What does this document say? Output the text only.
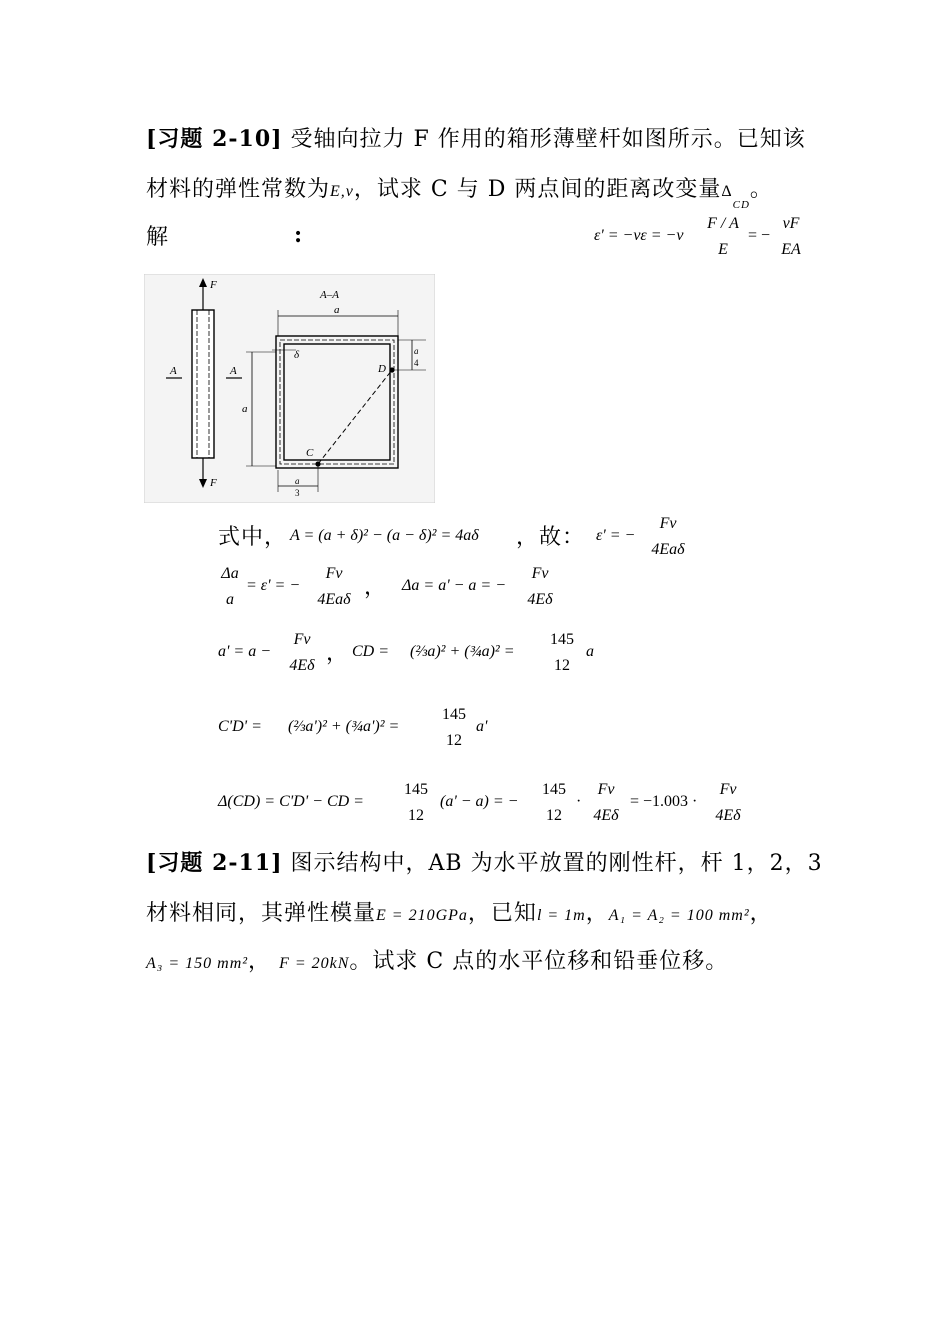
[习题 2-10] 受轴向拉力 F 作用的箱形薄壁杆如图所示。已知该
材料的弹性常数为E,ν，试求 C 与 D 两点间的距离改变量$\Delta_{CD}$。
解	:	ε' = −νε = −ν
F / A
E
= −
νF
EA
F
F
A	A
A–A
a
δ
a
a
4
D
C
a
3
式中， A = (a + δ)² − (a − δ)² = 4aδ ，故： ε' = −
Fν
4Eaδ
Δa
a
= ε' = −
Fν
4Eaδ ， Δa = a' − a = −
Fν
4Eδ
a' = a −
Fν
4Eδ ， CD = (⅔a)² + (¾a)² =
145
12
a
C'D' = (⅔a')² + (¾a')² =
145
12
a'
Δ(CD) = C'D' − CD =
145
12
(a' − a) = −
145
12
·
Fν
4Eδ
= −1.003 ·
Fν
4Eδ
[习题 2-11] 图示结构中，AB 为水平放置的刚性杆，杆 1，2，3
材料相同，其弹性模量E = 210GPa，已知l = 1m，A₁ = A₂ = 100 mm²，
A₃ = 150 mm²， F = 20kN。试求 C 点的水平位移和铅垂位移。
